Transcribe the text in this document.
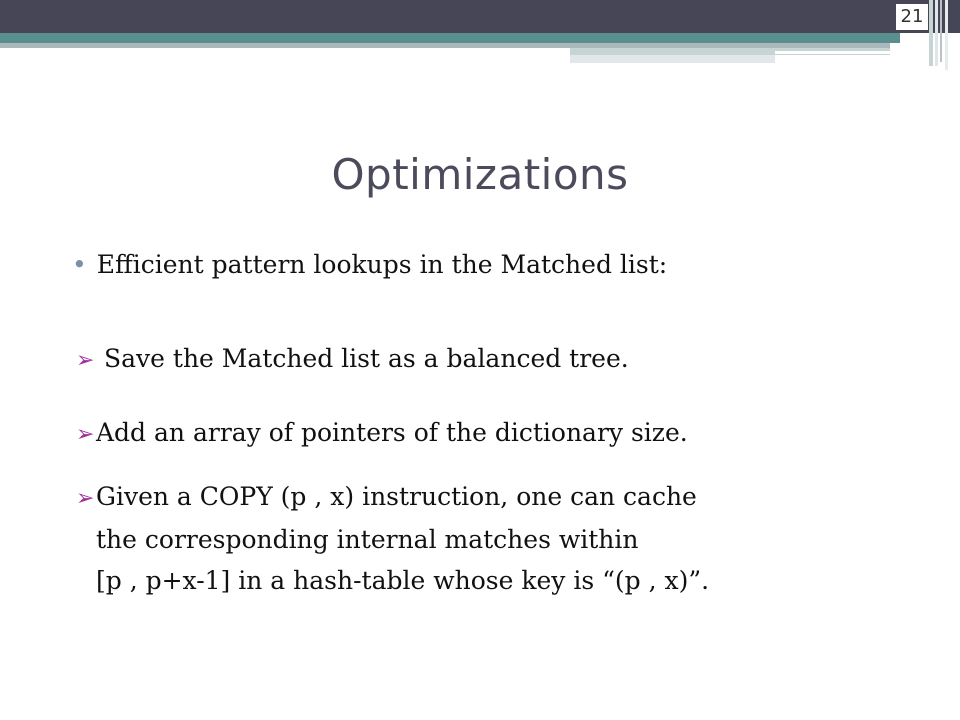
21
Optimizations
• Efficient pattern lookups in the Matched list:
➢ Save the Matched list as a balanced tree.
➢Add an array of pointers of the dictionary size.
➢Given a COPY (p , x) instruction, one can cache
the corresponding internal matches within
[p , p+x-1] in a hash-table whose key is “(p , x)”.
